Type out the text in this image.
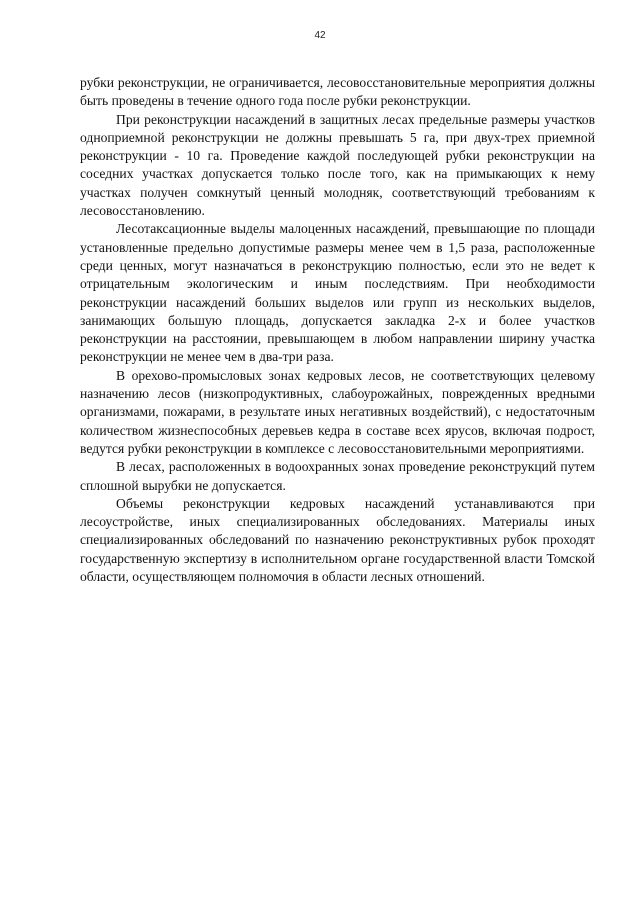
42

рубки реконструкции, не ограничивается, лесовосстановительные мероприятия должны быть проведены в течение одного года после рубки реконструкции.

При реконструкции насаждений в защитных лесах предельные размеры участков одноприемной реконструкции не должны превышать 5 га, при двух-трех приемной реконструкции - 10 га. Проведение каждой последующей рубки реконструкции на соседних участках допускается только после того, как на примыкающих к нему участках получен сомкнутый ценный молодняк, соответствующий требованиям к лесовосстановлению.

Лесотаксационные выделы малоценных насаждений, превышающие по площади установленные предельно допустимые размеры менее чем в 1,5 раза, расположенные среди ценных, могут назначаться в реконструкцию полностью, если это не ведет к отрицательным экологическим и иным последствиям. При необходимости реконструкции насаждений больших выделов или групп из нескольких выделов, занимающих большую площадь, допускается закладка 2-х и более участков реконструкции на расстоянии, превышающем в любом направлении ширину участка реконструкции не менее чем в два-три раза.

В орехово-промысловых зонах кедровых лесов, не соответствующих целевому назначению лесов (низкопродуктивных, слабоурожайных, поврежденных вредными организмами, пожарами, в результате иных негативных воздействий), с недостаточным количеством жизнеспособных деревьев кедра в составе всех ярусов, включая подрост, ведутся рубки реконструкции в комплексе с лесовосстановительными мероприятиями.

В лесах, расположенных в водоохранных зонах проведение реконструкций путем сплошной вырубки не допускается.

Объемы реконструкции кедровых насаждений устанавливаются при лесоустройстве, иных специализированных обследованиях. Материалы иных специализированных обследований по назначению реконструктивных рубок проходят государственную экспертизу в исполнительном органе государственной власти Томской области, осуществляющем полномочия в области лесных отношений.
